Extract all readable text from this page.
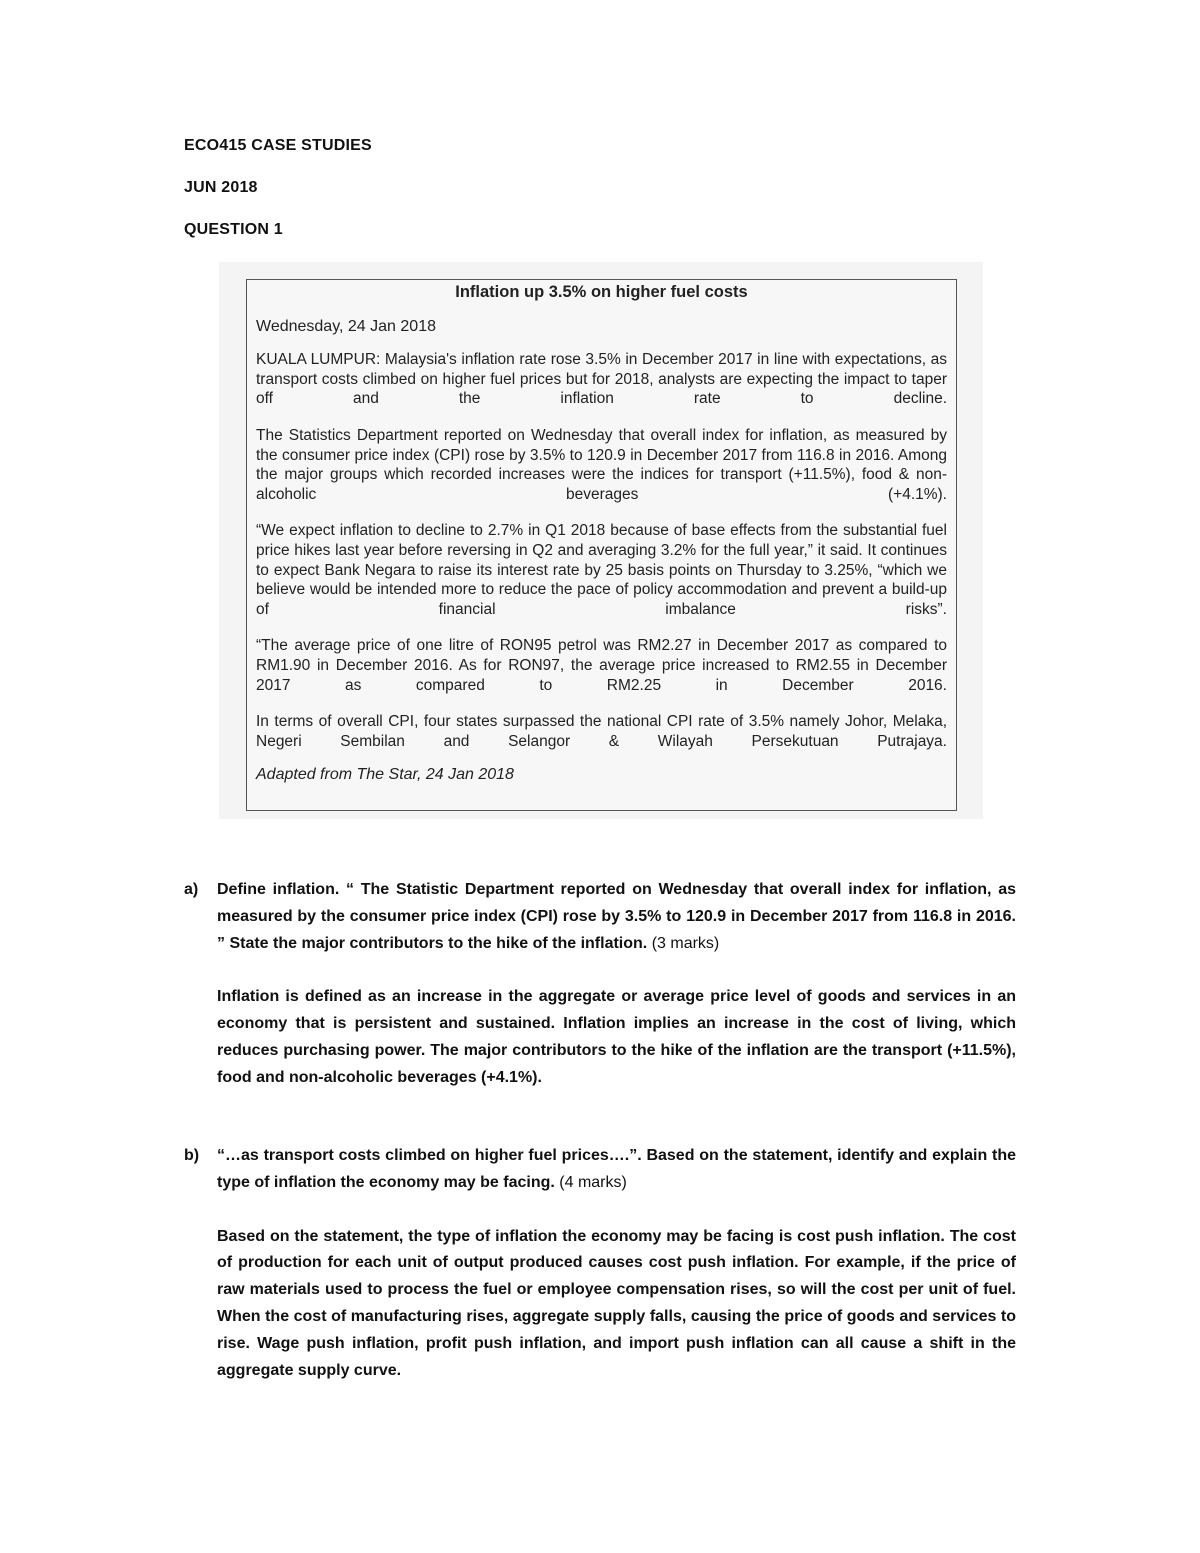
ECO415 CASE STUDIES
JUN 2018
QUESTION 1
Inflation up 3.5% on higher fuel costs
Wednesday, 24 Jan 2018
KUALA LUMPUR: Malaysia's inflation rate rose 3.5% in December 2017 in line with expectations, as transport costs climbed on higher fuel prices but for 2018, analysts are expecting the impact to taper off and the inflation rate to decline.
The Statistics Department reported on Wednesday that overall index for inflation, as measured by the consumer price index (CPI) rose by 3.5% to 120.9 in December 2017 from 116.8 in 2016. Among the major groups which recorded increases were the indices for transport (+11.5%), food & non-alcoholic beverages (+4.1%).
“We expect inflation to decline to 2.7% in Q1 2018 because of base effects from the substantial fuel price hikes last year before reversing in Q2 and averaging 3.2% for the full year,” it said. It continues to expect Bank Negara to raise its interest rate by 25 basis points on Thursday to 3.25%, “which we believe would be intended more to reduce the pace of policy accommodation and prevent a build-up of financial imbalance risks”.
“The average price of one litre of RON95 petrol was RM2.27 in December 2017 as compared to RM1.90 in December 2016. As for RON97, the average price increased to RM2.55 in December 2017 as compared to RM2.25 in December 2016.
In terms of overall CPI, four states surpassed the national CPI rate of 3.5% namely Johor, Melaka, Negeri Sembilan and Selangor & Wilayah Persekutuan Putrajaya.
Adapted from The Star, 24 Jan 2018
a) Define inflation. “ The Statistic Department reported on Wednesday that overall index for inflation, as measured by the consumer price index (CPI) rose by 3.5% to 120.9 in December 2017 from 116.8 in 2016. ” State the major contributors to the hike of the inflation. (3 marks)
Inflation is defined as an increase in the aggregate or average price level of goods and services in an economy that is persistent and sustained. Inflation implies an increase in the cost of living, which reduces purchasing power. The major contributors to the hike of the inflation are the transport (+11.5%), food and non-alcoholic beverages (+4.1%).
b) “…as transport costs climbed on higher fuel prices….”. Based on the statement, identify and explain the type of inflation the economy may be facing. (4 marks)
Based on the statement, the type of inflation the economy may be facing is cost push inflation. The cost of production for each unit of output produced causes cost push inflation. For example, if the price of raw materials used to process the fuel or employee compensation rises, so will the cost per unit of fuel. When the cost of manufacturing rises, aggregate supply falls, causing the price of goods and services to rise. Wage push inflation, profit push inflation, and import push inflation can all cause a shift in the aggregate supply curve.
